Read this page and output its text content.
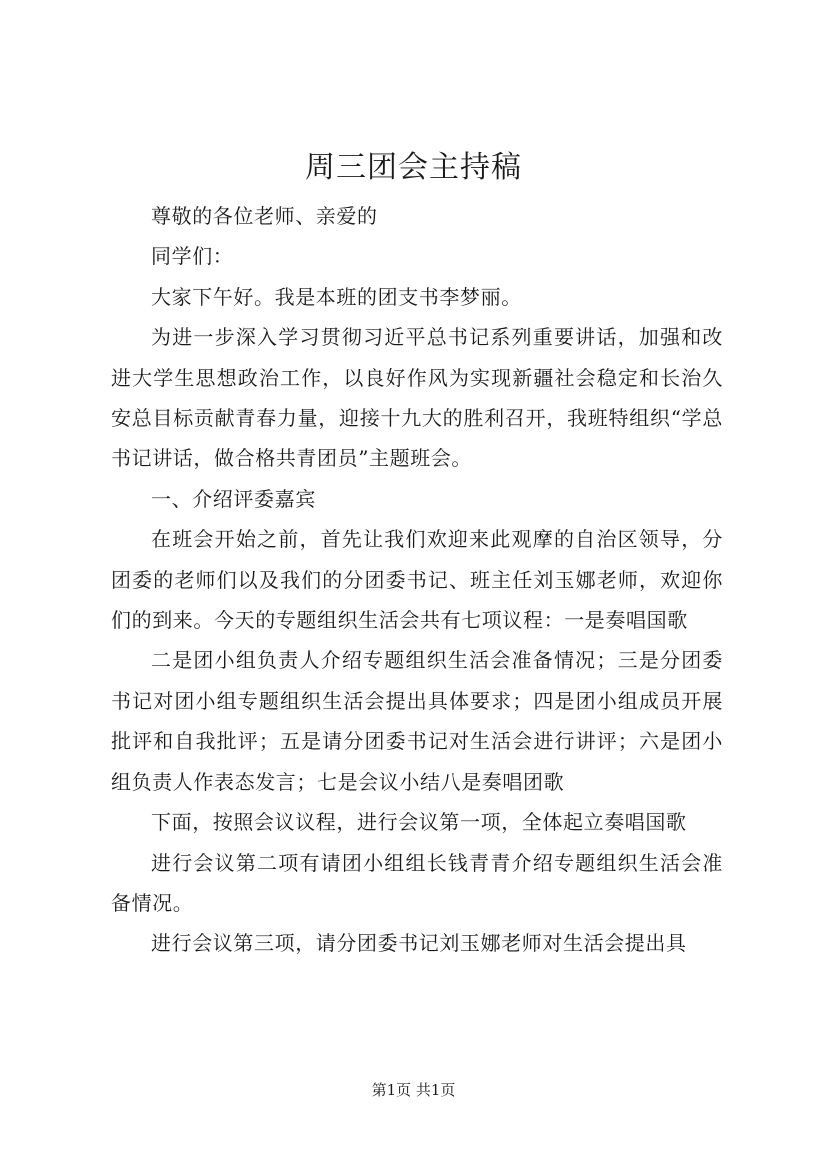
周三团会主持稿

尊敬的各位老师、亲爱的

同学们：

大家下午好。我是本班的团支书李梦丽。

为进一步深入学习贯彻习近平总书记系列重要讲话，加强和改进大学生思想政治工作，以良好作风为实现新疆社会稳定和长治久安总目标贡献青春力量，迎接十九大的胜利召开，我班特组织“学总书记讲话，做合格共青团员”主题班会。

一、介绍评委嘉宾

在班会开始之前，首先让我们欢迎来此观摩的自治区领导，分团委的老师们以及我们的分团委书记、班主任刘玉娜老师，欢迎你们的到来。今天的专题组织生活会共有七项议程：一是奏唱国歌

二是团小组负责人介绍专题组织生活会准备情况；三是分团委书记对团小组专题组织生活会提出具体要求；四是团小组成员开展批评和自我批评；五是请分团委书记对生活会进行讲评；六是团小组负责人作表态发言；七是会议小结八是奏唱团歌

下面，按照会议议程，进行会议第一项，全体起立奏唱国歌

进行会议第二项有请团小组组长钱青青介绍专题组织生活会准备情况。

进行会议第三项，请分团委书记刘玉娜老师对生活会提出具

第1页 共1页
